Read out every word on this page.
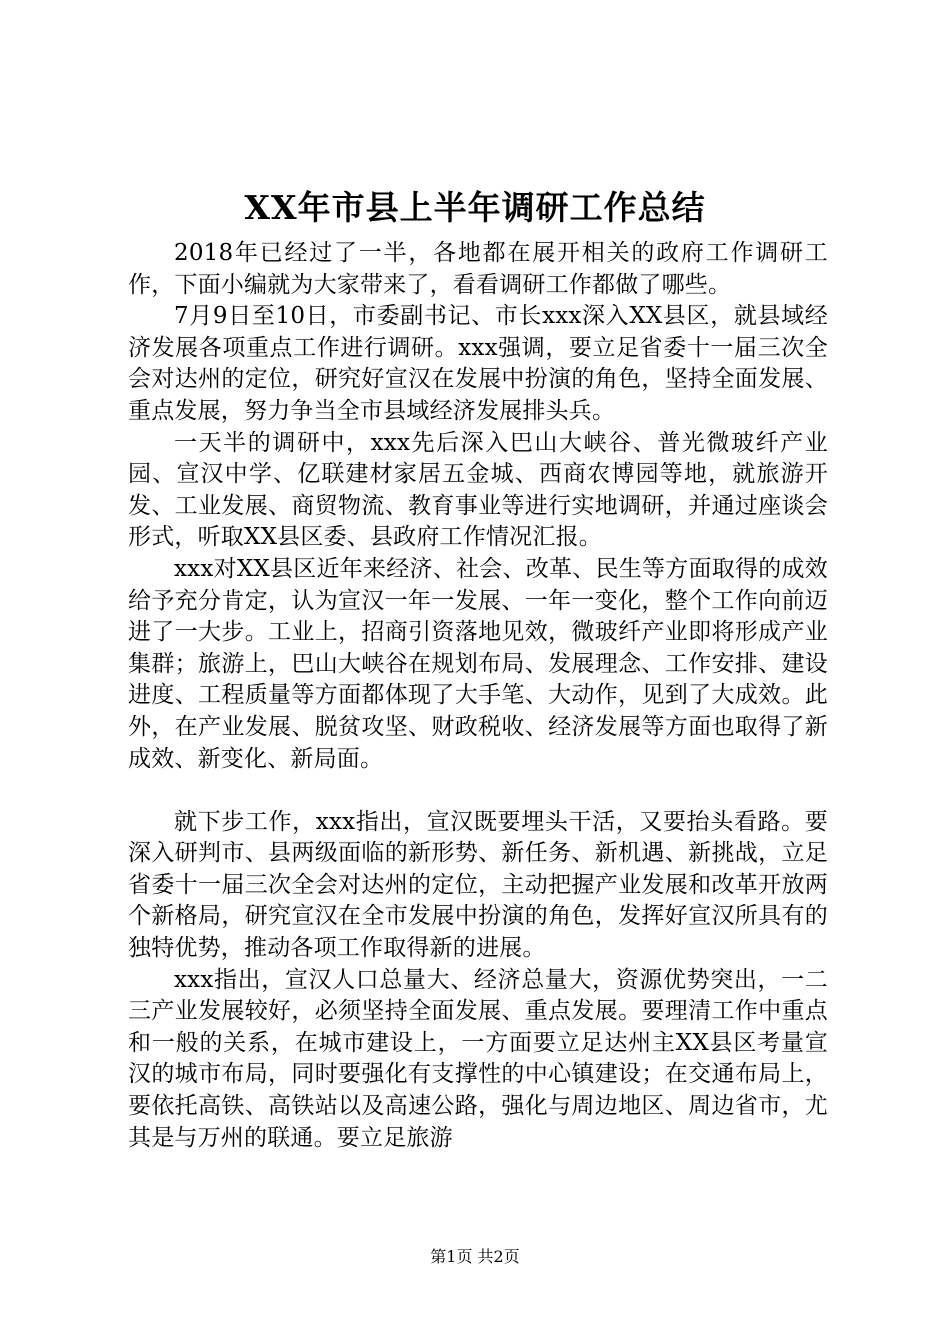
XX年市县上半年调研工作总结

2018年已经过了一半，各地都在展开相关的政府工作调研工作，下面小编就为大家带来了，看看调研工作都做了哪些。

7月9日至10日，市委副书记、市长xxx深入XX县区，就县域经济发展各项重点工作进行调研。xxx强调，要立足省委十一届三次全会对达州的定位，研究好宣汉在发展中扮演的角色，坚持全面发展、重点发展，努力争当全市县域经济发展排头兵。

一天半的调研中，xxx先后深入巴山大峡谷、普光微玻纤产业园、宣汉中学、亿联建材家居五金城、西商农博园等地，就旅游开发、工业发展、商贸物流、教育事业等进行实地调研，并通过座谈会形式，听取XX县区委、县政府工作情况汇报。

xxx对XX县区近年来经济、社会、改革、民生等方面取得的成效给予充分肯定，认为宣汉一年一发展、一年一变化，整个工作向前迈进了一大步。工业上，招商引资落地见效，微玻纤产业即将形成产业集群；旅游上，巴山大峡谷在规划布局、发展理念、工作安排、建设进度、工程质量等方面都体现了大手笔、大动作，见到了大成效。此外，在产业发展、脱贫攻坚、财政税收、经济发展等方面也取得了新成效、新变化、新局面。

就下步工作，xxx指出，宣汉既要埋头干活，又要抬头看路。要深入研判市、县两级面临的新形势、新任务、新机遇、新挑战，立足省委十一届三次全会对达州的定位，主动把握产业发展和改革开放两个新格局，研究宣汉在全市发展中扮演的角色，发挥好宣汉所具有的独特优势，推动各项工作取得新的进展。

xxx指出，宣汉人口总量大、经济总量大，资源优势突出，一二三产业发展较好，必须坚持全面发展、重点发展。要理清工作中重点和一般的关系，在城市建设上，一方面要立足达州主XX县区考量宣汉的城市布局，同时要强化有支撑性的中心镇建设；在交通布局上，要依托高铁、高铁站以及高速公路，强化与周边地区、周边省市，尤其是与万州的联通。要立足旅游

第1页 共2页
